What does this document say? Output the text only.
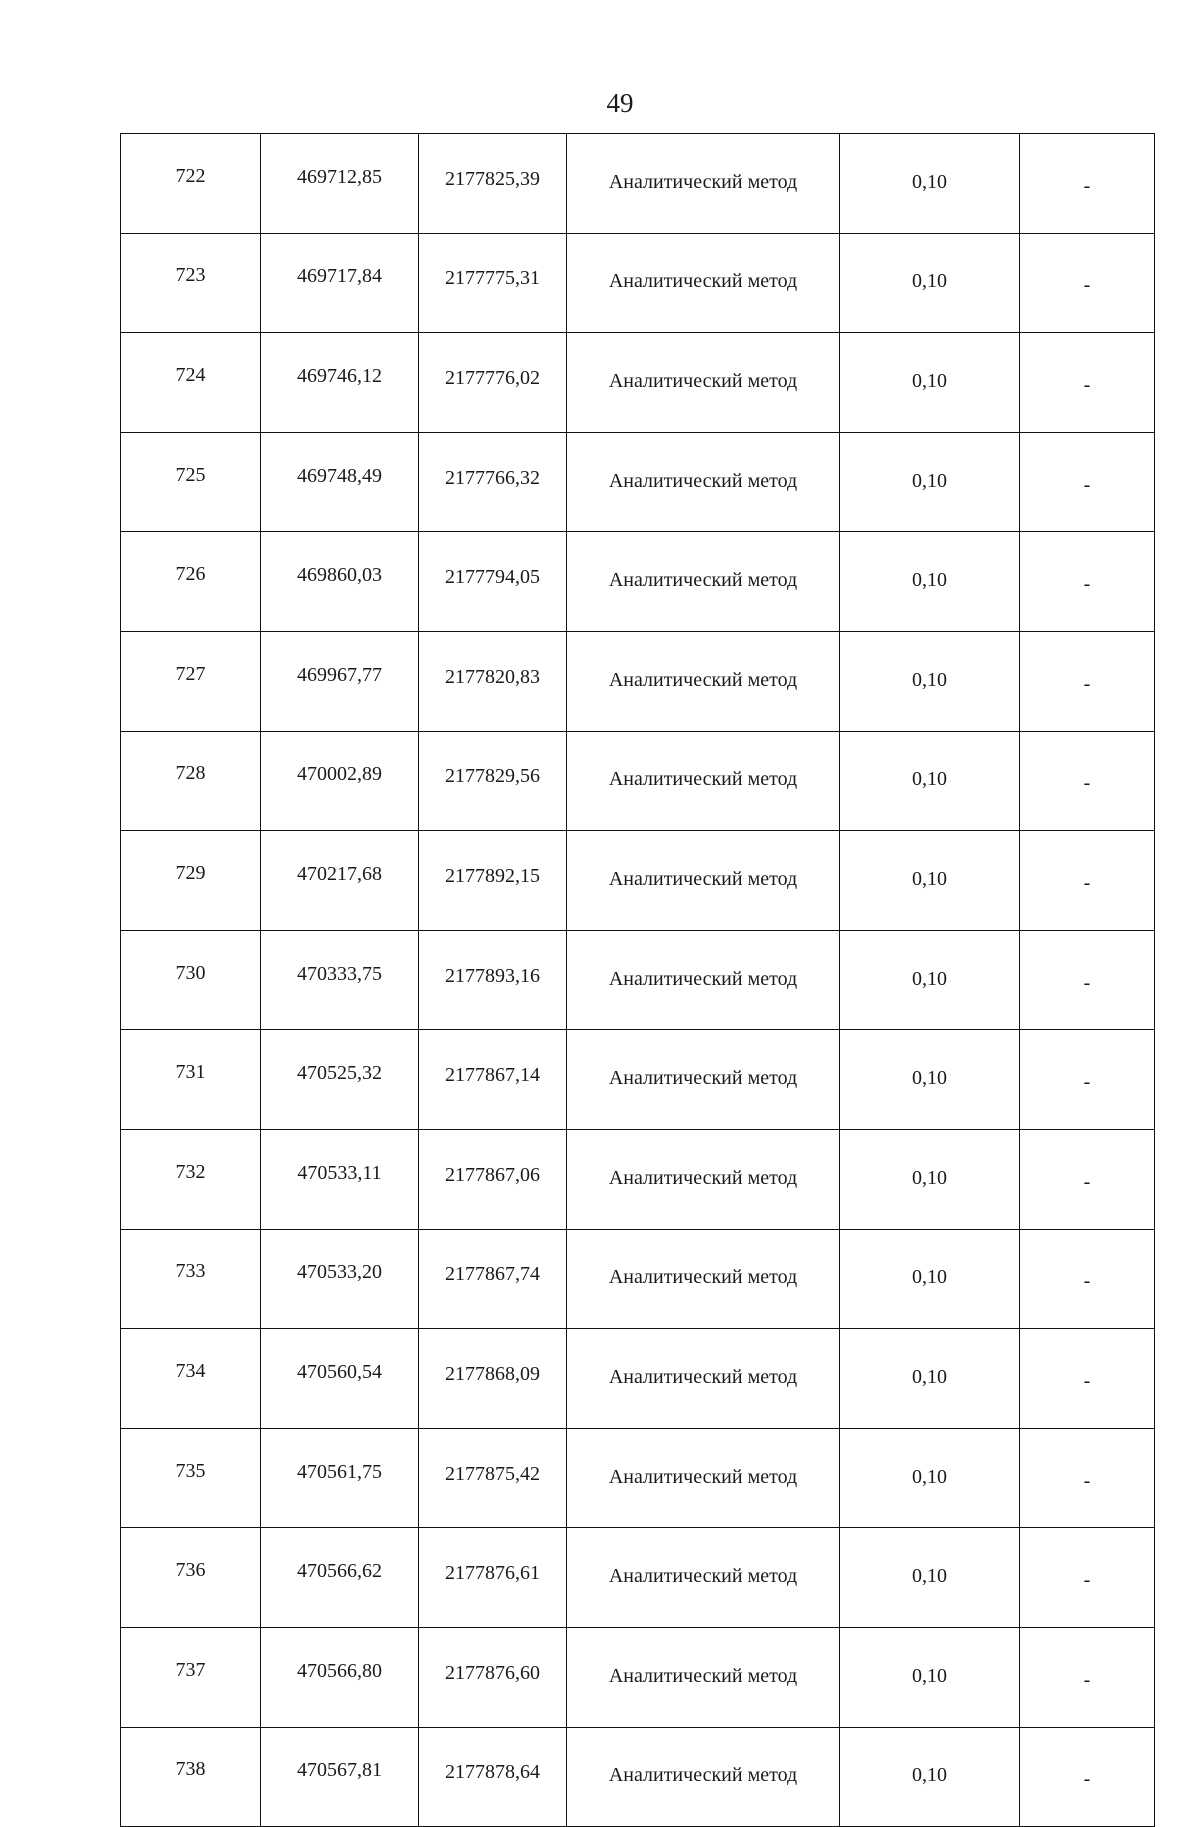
49
722	469712,85	2177825,39	Аналитический метод	0,10	-
723	469717,84	2177775,31	Аналитический метод	0,10	-
724	469746,12	2177776,02	Аналитический метод	0,10	-
725	469748,49	2177766,32	Аналитический метод	0,10	-
726	469860,03	2177794,05	Аналитический метод	0,10	-
727	469967,77	2177820,83	Аналитический метод	0,10	-
728	470002,89	2177829,56	Аналитический метод	0,10	-
729	470217,68	2177892,15	Аналитический метод	0,10	-
730	470333,75	2177893,16	Аналитический метод	0,10	-
731	470525,32	2177867,14	Аналитический метод	0,10	-
732	470533,11	2177867,06	Аналитический метод	0,10	-
733	470533,20	2177867,74	Аналитический метод	0,10	-
734	470560,54	2177868,09	Аналитический метод	0,10	-
735	470561,75	2177875,42	Аналитический метод	0,10	-
736	470566,62	2177876,61	Аналитический метод	0,10	-
737	470566,80	2177876,60	Аналитический метод	0,10	-
738	470567,81	2177878,64	Аналитический метод	0,10	-
